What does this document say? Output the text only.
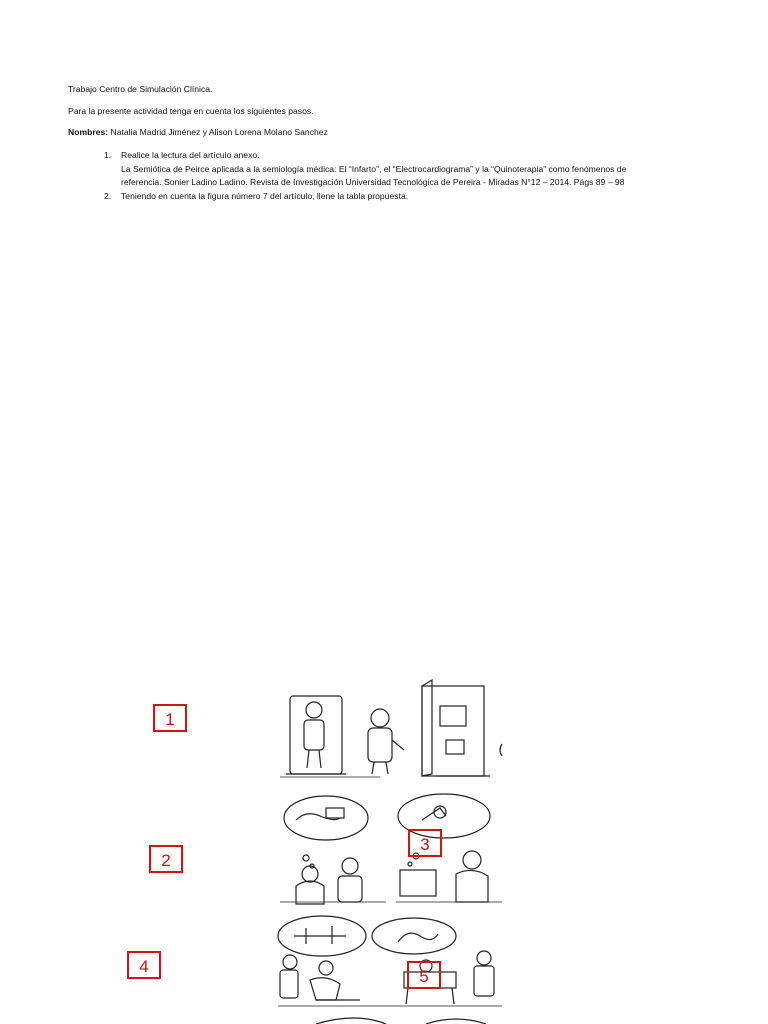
Trabajo Centro de Simulación Clínica.
Para la presente actividad tenga en cuenta los siguientes pasos.
Nombres: Natalia Madrid Jiménez y Alison Lorena Molano Sanchez
1. Realice la lectura del artículo anexo.
La Semiótica de Peirce aplicada a la semiología médica: El “Infarto”, el “Electrocardiograma” y la “Quinoterapia” como fenómenos de
referencia. Sonier Ladino Ladino. Revista de Investigación Universidad Tecnológica de Pereira - Miradas N°12 – 2014. Págs 89 – 98
2. Teniendo en cuenta la figura número 7 del artículo, llene la tabla propuesta.
1
2
3
4
5
